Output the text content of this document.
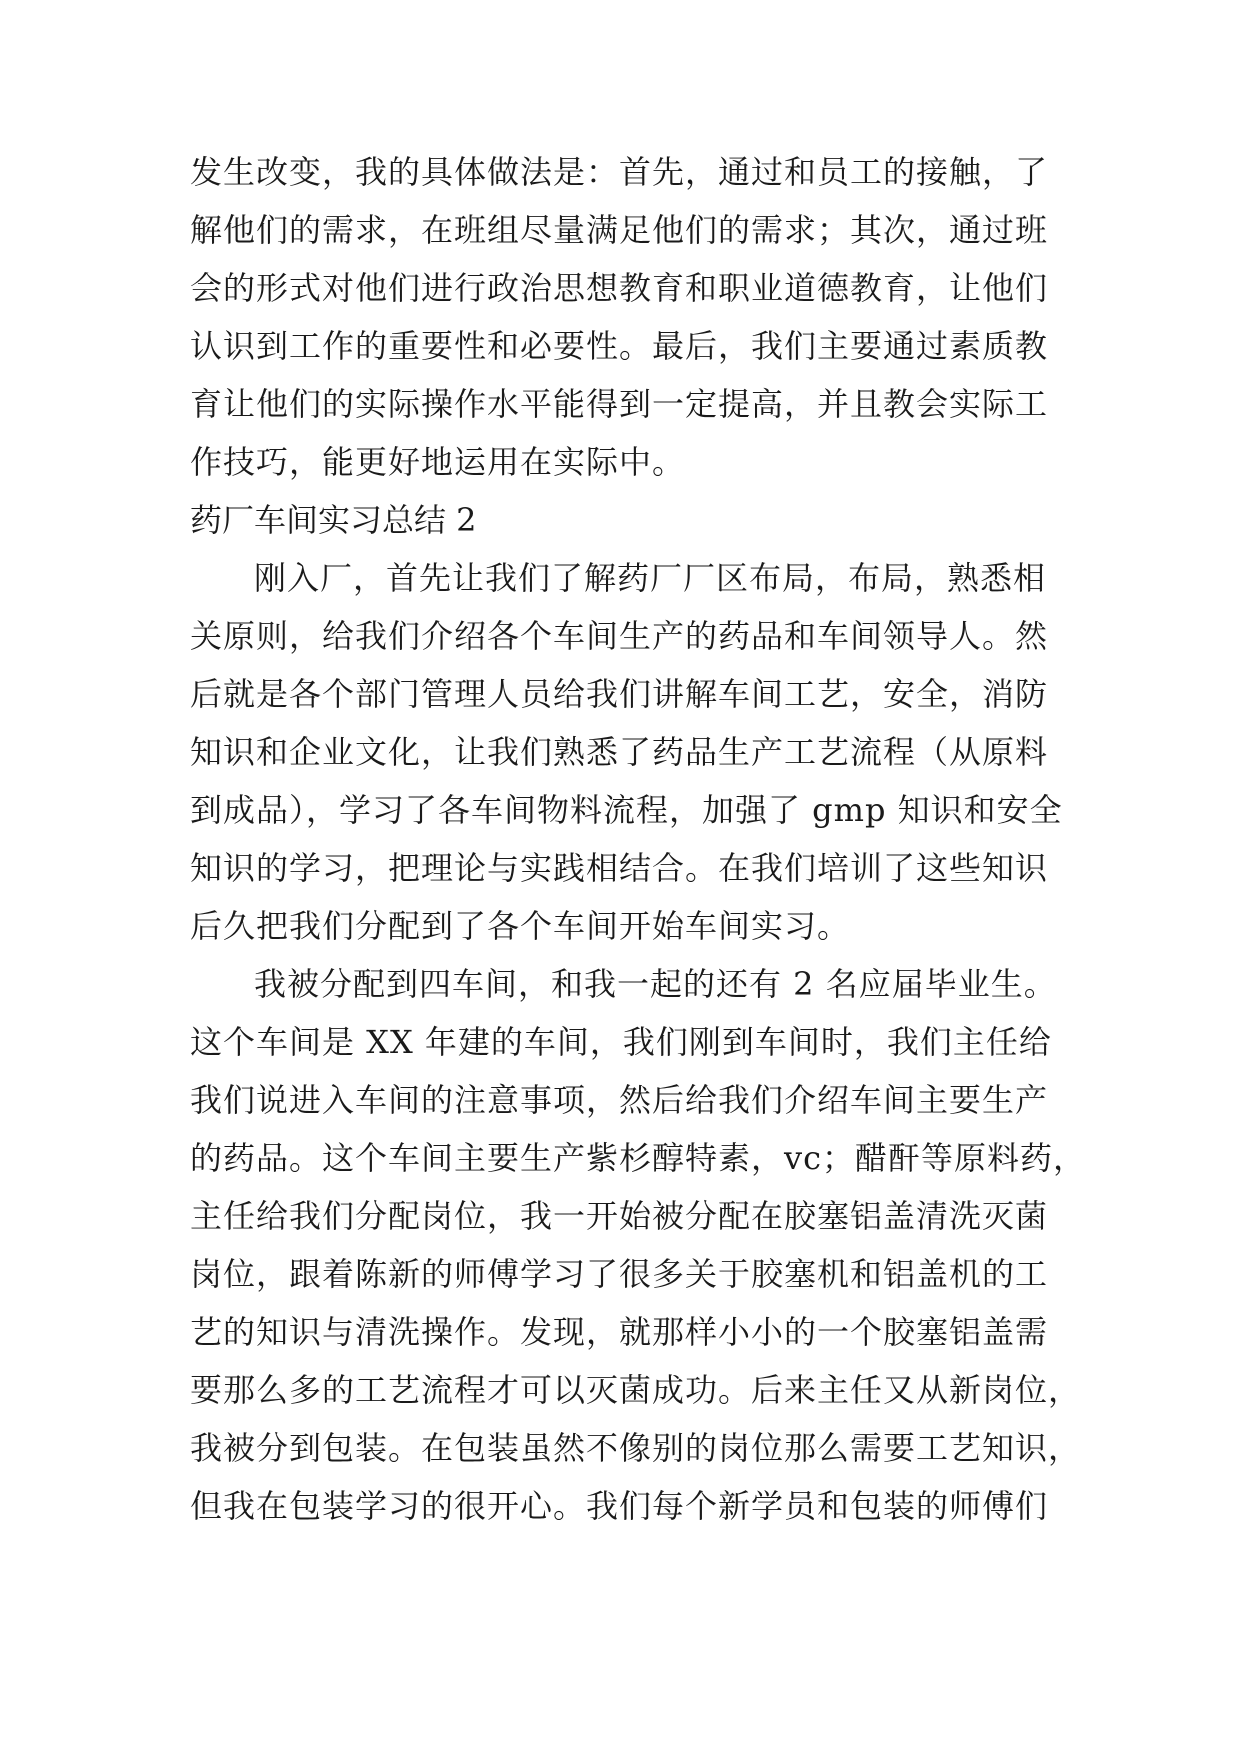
发生改变，我的具体做法是：首先，通过和员工的接触，了

解他们的需求，在班组尽量满足他们的需求；其次，通过班

会的形式对他们进行政治思想教育和职业道德教育，让他们

认识到工作的重要性和必要性。最后，我们主要通过素质教

育让他们的实际操作水平能得到一定提高，并且教会实际工

作技巧，能更好地运用在实际中。

药厂车间实习总结 2

刚入厂，首先让我们了解药厂厂区布局，布局，熟悉相

关原则，给我们介绍各个车间生产的药品和车间领导人。然

后就是各个部门管理人员给我们讲解车间工艺，安全，消防

知识和企业文化，让我们熟悉了药品生产工艺流程（从原料

到成品），学习了各车间物料流程，加强了 gmp 知识和安全

知识的学习，把理论与实践相结合。在我们培训了这些知识

后久把我们分配到了各个车间开始车间实习。

我被分配到四车间，和我一起的还有 2 名应届毕业生。

这个车间是 XX 年建的车间，我们刚到车间时，我们主任给

我们说进入车间的注意事项，然后给我们介绍车间主要生产

的药品。这个车间主要生产紫杉醇特素，vc；醋酐等原料药，

主任给我们分配岗位，我一开始被分配在胶塞铝盖清洗灭菌

岗位，跟着陈新的师傅学习了很多关于胶塞机和铝盖机的工

艺的知识与清洗操作。发现，就那样小小的一个胶塞铝盖需

要那么多的工艺流程才可以灭菌成功。后来主任又从新岗位，

我被分到包装。在包装虽然不像别的岗位那么需要工艺知识，

但我在包装学习的很开心。我们每个新学员和包装的师傅们
